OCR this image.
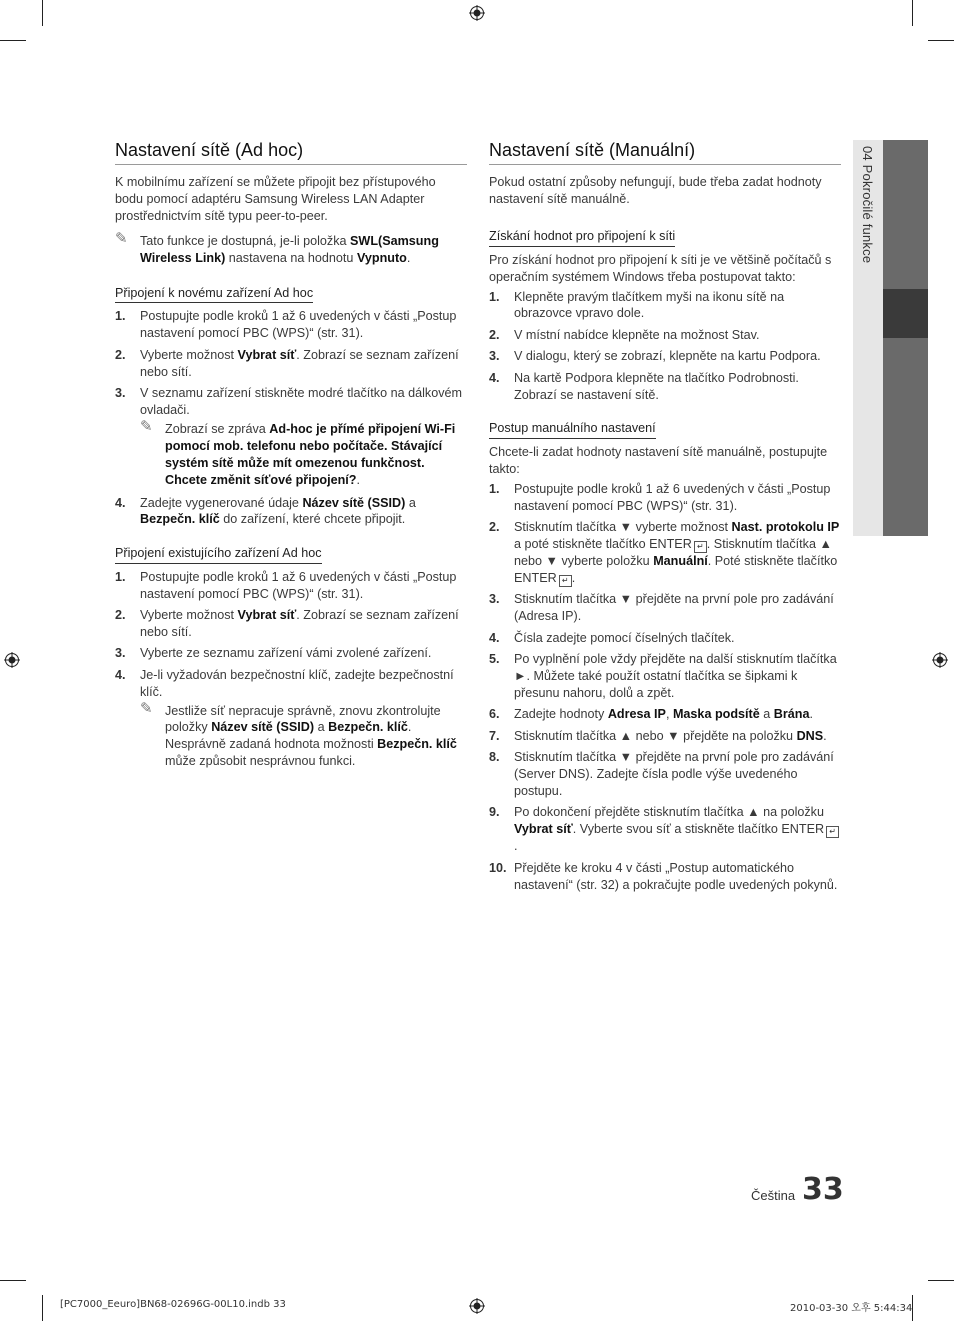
04 Pokročilé funkce
Nastavení sítě (Ad hoc)

K mobilnímu zařízení se můžete připojit bez přístupového bodu pomocí adaptéru Samsung Wireless LAN Adapter prostřednictvím sítě typu peer-to-peer.

✎ Tato funkce je dostupná, je-li položka SWL(Samsung Wireless Link) nastavena na hodnotu Vypnuto.
Připojení k novému zařízení Ad hoc
1. Postupujte podle kroků 1 až 6 uvedených v části „Postup nastavení pomocí PBC (WPS)“ (str. 31).
2. Vyberte možnost Vybrat síť. Zobrazí se seznam zařízení nebo sítí.
3. V seznamu zařízení stiskněte modré tlačítko na dálkovém ovladači.
✎ Zobrazí se zpráva Ad-hoc je přímé připojení Wi-Fi pomocí mob. telefonu nebo počítače. Stávající systém sítě může mít omezenou funkčnost. Chcete změnit síťové připojení?.
4. Zadejte vygenerované údaje Název sítě (SSID) a Bezpečn. klíč do zařízení, které chcete připojit.
Připojení existujícího zařízení Ad hoc
1. Postupujte podle kroků 1 až 6 uvedených v části „Postup nastavení pomocí PBC (WPS)“ (str. 31).
2. Vyberte možnost Vybrat síť. Zobrazí se seznam zařízení nebo sítí.
3. Vyberte ze seznamu zařízení vámi zvolené zařízení.
4. Je-li vyžadován bezpečnostní klíč, zadejte bezpečnostní klíč.
✎ Jestliže síť nepracuje správně, znovu zkontrolujte položky Název sítě (SSID) a Bezpečn. klíč. Nesprávně zadaná hodnota možnosti Bezpečn. klíč může způsobit nesprávnou funkci.
Nastavení sítě (Manuální)

Pokud ostatní způsoby nefungují, bude třeba zadat hodnoty nastavení sítě manuálně.

Získání hodnot pro připojení k síti

Pro získání hodnot pro připojení k síti je ve většině počítačů s operačním systémem Windows třeba postupovat takto:

1. Klepněte pravým tlačítkem myši na ikonu sítě na obrazovce vpravo dole.
2. V místní nabídce klepněte na možnost Stav.
3. V dialogu, který se zobrazí, klepněte na kartu Podpora.
4. Na kartě Podpora klepněte na tlačítko Podrobnosti. Zobrazí se nastavení sítě.
Postup manuálního nastavení

Chcete-li zadat hodnoty nastavení sítě manuálně, postupujte takto:

1. Postupujte podle kroků 1 až 6 uvedených v části „Postup nastavení pomocí PBC (WPS)“ (str. 31).
2. Stisknutím tlačítka ▼ vyberte možnost Nast. protokolu IP a poté stiskněte tlačítko ENTER ↵ . Stisknutím tlačítka ▲ nebo ▼ vyberte položku Manuální. Poté stiskněte tlačítko ENTER ↵ .
3. Stisknutím tlačítka ▼ přejděte na první pole pro zadávání (Adresa IP).
4. Čísla zadejte pomocí číselných tlačítek.
5. Po vyplnění pole vždy přejděte na další stisknutím tlačítka ►. Můžete také použít ostatní tlačítka se šipkami k přesunu nahoru, dolů a zpět.
6. Zadejte hodnoty Adresa IP, Maska podsítě a Brána.
7. Stisknutím tlačítka ▲ nebo ▼ přejděte na položku DNS.
8. Stisknutím tlačítka ▼ přejděte na první pole pro zadávání (Server DNS). Zadejte čísla podle výše uvedeného postupu.
9. Po dokončení přejděte stisknutím tlačítka ▲ na položku Vybrat síť. Vyberte svou síť a stiskněte tlačítko ENTER ↵.
10. Přejděte ke kroku 4 v části „Postup automatického nastavení“ (str. 32) a pokračujte podle uvedených pokynů.
Čeština 33
[PC7000_Eeuro]BN68-02696G-00L10.indb 33	2010-03-30 오후 5:44:34
